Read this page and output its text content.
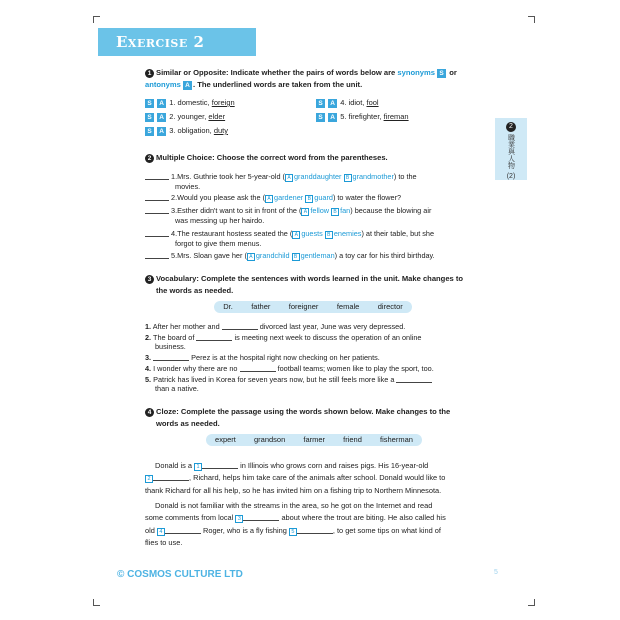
Exercise 2
2
職業與人物
(2)
1 Similar or Opposite: Indicate whether the pairs of words below are synonyms S or
antonyms A . The underlined words are taken from the unit.
S A 1. domestic, foreign
S A 2. younger, elder
S A 3. obligation, duty
S A 4. idiot, fool
S A 5. firefighter, fireman
2 Multiple Choice: Choose the correct word from the parentheses.
1.Mrs. Guthrie took her 5-year-old ( A granddaughter B grandmother) to the
movies.
2.Would you please ask the ( A gardener B guard) to water the flower?
3.Esther didn't want to sit in front of the ( A fellow B fan) because the blowing air
was messing up her hairdo.
4.The restaurant hostess seated the ( A guests B enemies) at their table, but she
forgot to give them menus.
5.Mrs. Sloan gave her ( A grandchild B gentleman) a toy car for his third birthday.
3 Vocabulary: Complete the sentences with words learned in the unit. Make changes to
the words as needed.
Dr. father foreigner female director
1. After her mother and	divorced last year, June was very depressed.
2. The board of	is meeting next week to discuss the operation of an online
business.
3.	Perez is at the hospital right now checking on her patients.
4. I wonder why there are no	football teams; women like to play the sport, too.
5. Patrick has lived in Korea for seven years now, but he still feels more like a
than a native.
4 Cloze: Complete the passage using the words shown below. Make changes to the
words as needed.
expert grandson farmer friend fisherman
Donald is a 1	in Illinois who grows corn and raises pigs. His 16-year-old
2	, Richard, helps him take care of the animals after school. Donald would like to
thank Richard for all his help, so he has invited him on a fishing trip to Northern Minnesota.
Donald is not familiar with the streams in the area, so he got on the Internet and read
some comments from local 3	about where the trout are biting. He also called his
old 4	Roger, who is a fly fishing 5	, to get some tips on what kind of
flies to use.
© COSMOS CULTURE LTD	5
